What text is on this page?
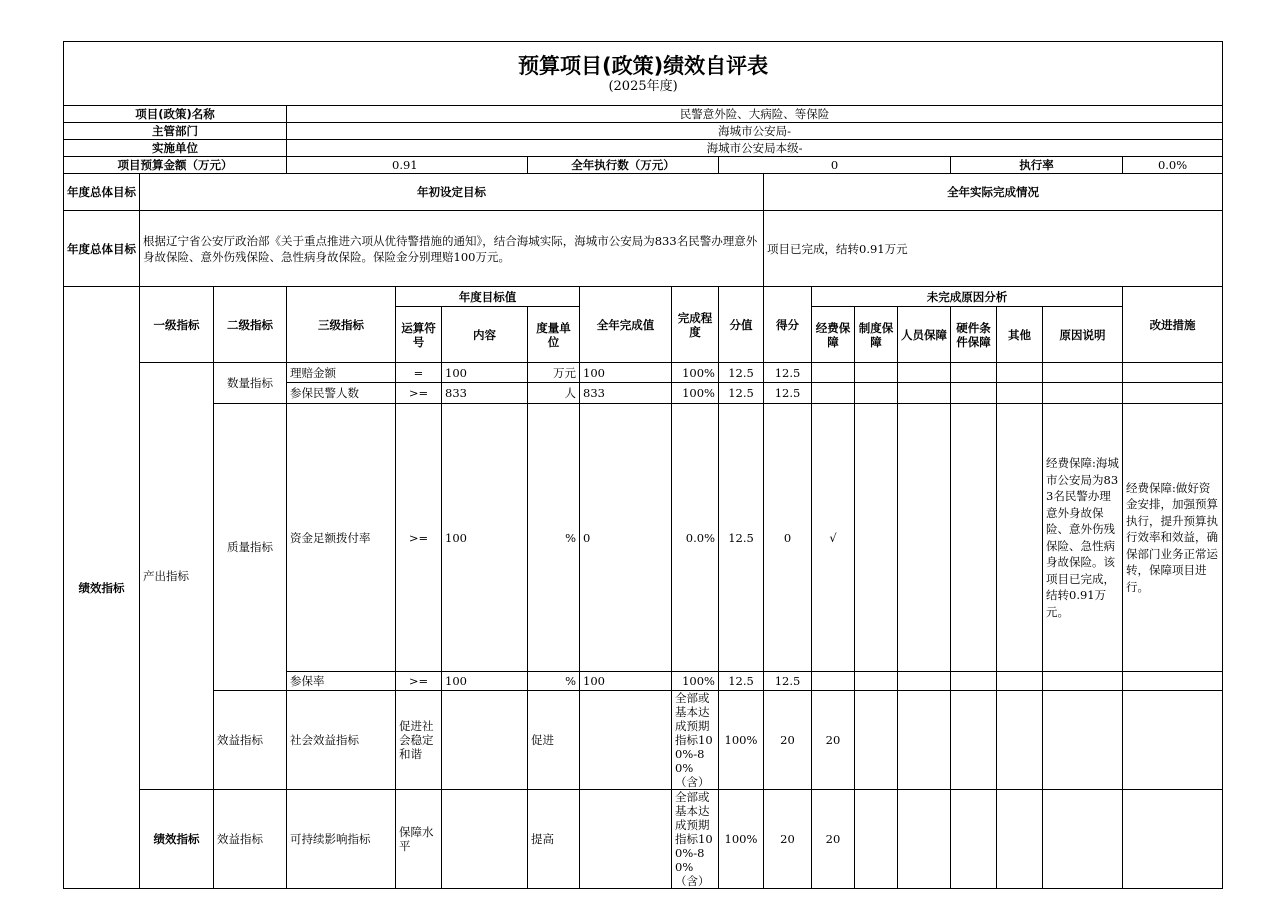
预算项目(政策)绩效自评表
(2025年度)																		

项目(政策)名称			民警意外险、大病险、等保险															
主管部门			海城市公安局-															
实施单位			海城市公安局本级-															
项目预算金额（万元）			0.91			全年执行数（万元）			0					执行率			0.0%	
年度总体目标	年初设定目标									全年实际完成情况								
年度总体目标	根据辽宁省公安厅政治部《关于重点推进六项从优待警措施的通知》，结合海城实际，海城市公安局为833名民警办理意外身故保险、意外伤残保险、急性病身故保险。保险金分别理赔100万元。									项目已完成，结转0.91万元								
绩效指标	一级指标	二级指标	三级指标	年度目标值			全年完成值	完成程度	分值	得分	未完成原因分析						改进措施	
				运算符号	内容	度量单位					经费保障	制度保障	人员保障	硬件条件保障	其他	原因说明		
	产出指标	数量指标	理赔金额	=	100	万元	100	100%	12.5	12.5								
			参保民警人数	>=	833	人	833	100%	12.5	12.5								
		质量指标	资金足额拨付率	>=	100	%	0	0.0%	12.5	0	√					经费保障:海城市公安局为833名民警办理意外身故保险、意外伤残保险、急性病身故保险。该项目已完成，结转0.91万元。	经费保障:做好资金安排，加强预算执行，提升预算执行效率和效益，确保部门业务正常运转，保障项目进行。	
			参保率	>=	100	%	100	100%	12.5	12.5								
		效益指标	社会效益指标	促进社会稳定和谐		促进		全部或基本达成预期指标100%-80%（含）	100%	20	20							
	绩效指标	效益指标	可持续影响指标	保障水平		提高		全部或基本达成预期指标100%-80%（含）	100%	20	20							
